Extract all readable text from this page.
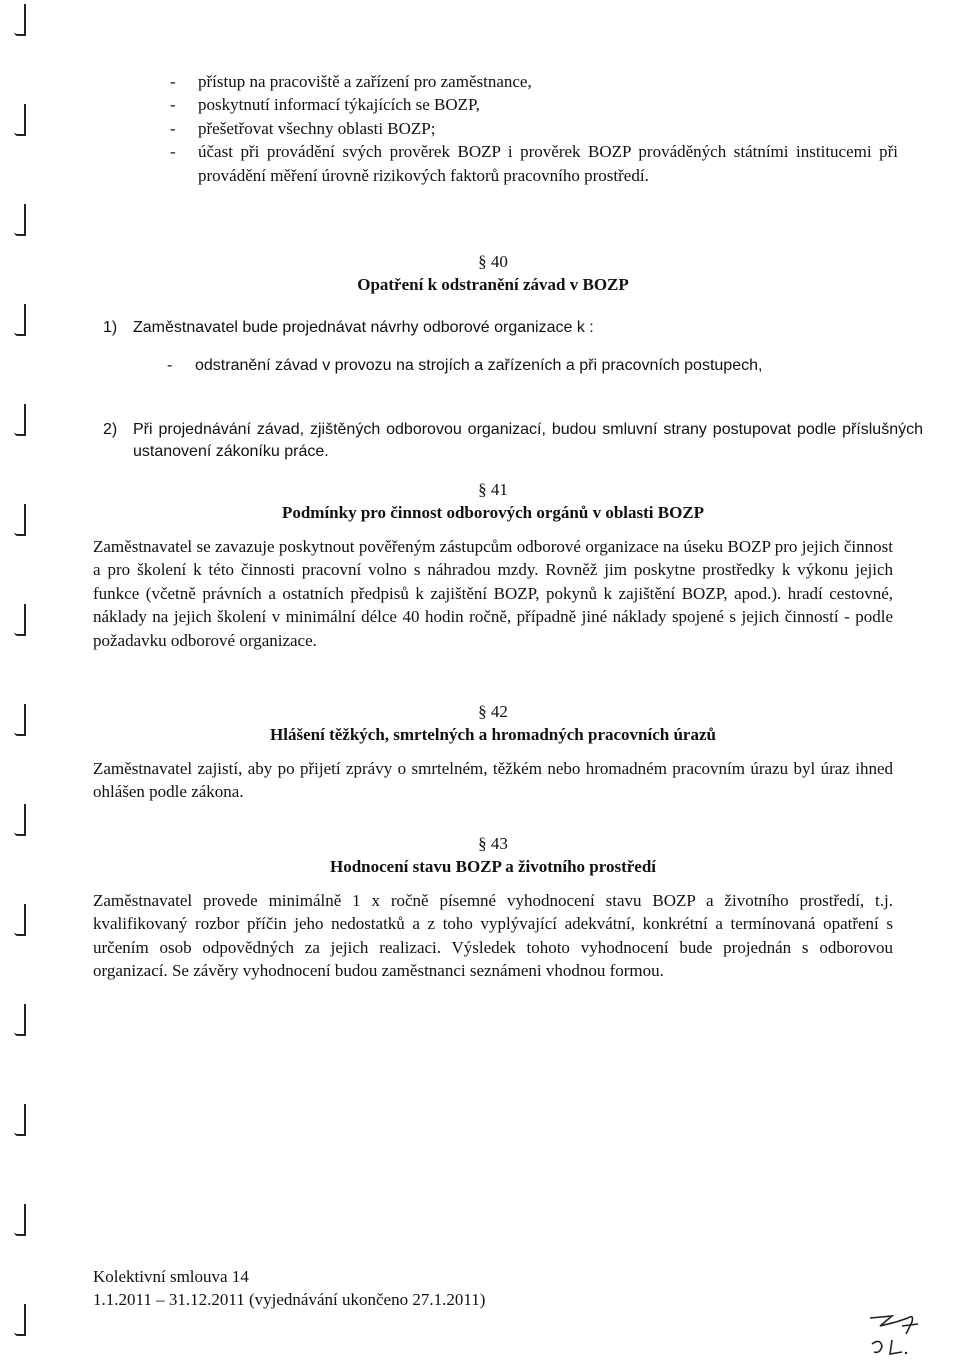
- přístup na pracoviště a zařízení pro zaměstnance,
- poskytnutí informací týkajících se BOZP,
- přešetřovat všechny oblasti BOZP;
- účast při provádění svých prověrek BOZP i prověrek BOZP prováděných státními institucemi při provádění měření úrovně rizikových faktorů pracovního prostředí.

§ 40

Opatření k odstranění závad v BOZP

1) Zaměstnavatel bude projednávat návrhy odborové organizace k :

- odstranění závad v provozu na strojích a zařízeních a při pracovních postupech,

2) Při projednávání závad, zjištěných odborovou organizací, budou smluvní strany postupovat podle příslušných ustanovení zákoníku práce.

§ 41

Podmínky pro činnost odborových orgánů v oblasti BOZP

Zaměstnavatel se zavazuje poskytnout pověřeným zástupcům odborové organizace na úseku BOZP pro jejich činnost a pro školení k této činnosti pracovní volno s náhradou mzdy. Rovněž jim poskytne prostředky k výkonu jejich funkce (včetně právních a ostatních předpisů k zajištění BOZP, pokynů k zajištění BOZP, apod.). hradí cestovné, náklady na jejich školení v minimální délce 40 hodin ročně, případně jiné náklady spojené s jejich činností - podle požadavku odborové organizace.

§ 42

Hlášení těžkých, smrtelných a hromadných pracovních úrazů

Zaměstnavatel zajistí, aby po přijetí zprávy o smrtelném, těžkém nebo hromadném pracovním úrazu byl úraz ihned ohlášen podle zákona.

§ 43

Hodnocení stavu BOZP a životního prostředí

Zaměstnavatel provede minimálně 1 x ročně písemné vyhodnocení stavu BOZP a životního prostředí, t.j. kvalifikovaný rozbor příčin jeho nedostatků a z toho vyplývající adekvátní, konkrétní a termínovaná opatření s určením osob odpovědných za jejich realizaci. Výsledek tohoto vyhodnocení bude projednán s odborovou organizací. Se závěry vyhodnocení budou zaměstnanci seznámeni vhodnou formou.

Kolektivní smlouva 14
1.1.2011 – 31.12.2011 (vyjednávání ukončeno 27.1.2011)
